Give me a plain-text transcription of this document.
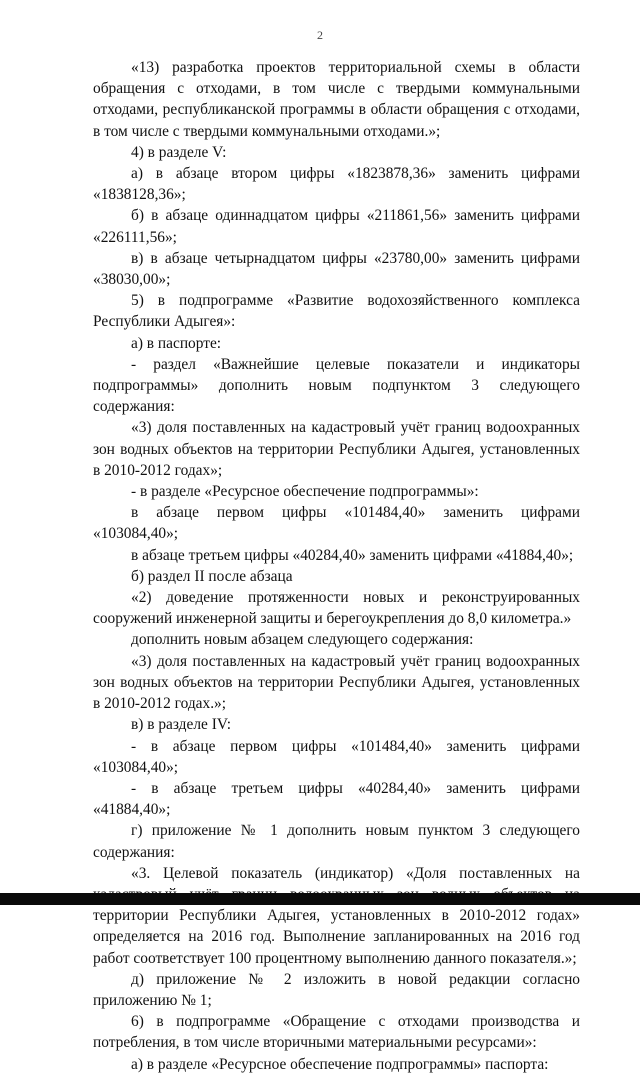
2

«13) разработка проектов территориальной схемы в области обращения с отходами, в том числе с твердыми коммунальными отходами, республиканской программы в области обращения с отходами, в том числе с твердыми коммунальными отходами.»;

4) в разделе V:

а) в абзаце втором цифры «1823878,36» заменить цифрами «1838128,36»;

б) в абзаце одиннадцатом цифры «211861,56» заменить цифрами «226111,56»;

в) в абзаце четырнадцатом цифры «23780,00» заменить цифрами «38030,00»;

5) в подпрограмме «Развитие водохозяйственного комплекса Республики Адыгея»:

а) в паспорте:

- раздел «Важнейшие целевые показатели и индикаторы подпрограммы» дополнить новым подпунктом 3 следующего содержания:

«3) доля поставленных на кадастровый учёт границ водоохранных зон водных объектов на территории Республики Адыгея, установленных в 2010-2012 годах»;

- в разделе «Ресурсное обеспечение подпрограммы»:

в абзаце первом цифры «101484,40» заменить цифрами «103084,40»;

в абзаце третьем цифры «40284,40» заменить цифрами «41884,40»;

б) раздел II после абзаца

«2) доведение протяженности новых и реконструированных сооружений инженерной защиты и берегоукрепления до 8,0 километра.»

дополнить новым абзацем следующего содержания:

«3) доля поставленных на кадастровый учёт границ водоохранных зон водных объектов на территории Республики Адыгея, установленных в 2010-2012 годах.»;

в) в разделе IV:

- в абзаце первом цифры «101484,40» заменить цифрами «103084,40»;

- в абзаце третьем цифры «40284,40» заменить цифрами «41884,40»;

г) приложение № 1 дополнить новым пунктом 3 следующего содержания:

«3. Целевой показатель (индикатор) «Доля поставленных на территории Республики Адыгея, установленных в 2010-2012 годах» определяется на 2016 год. Выполнение запланированных на 2016 год работ соответствует 100 процентному выполнению данного показателя.»;

д) приложение № 2 изложить в новой редакции согласно приложению № 1;

6) в подпрограмме «Обращение с отходами производства и потребления, в том числе вторичными материальными ресурсами»:

а) в разделе «Ресурсное обеспечение подпрограммы» паспорта:
